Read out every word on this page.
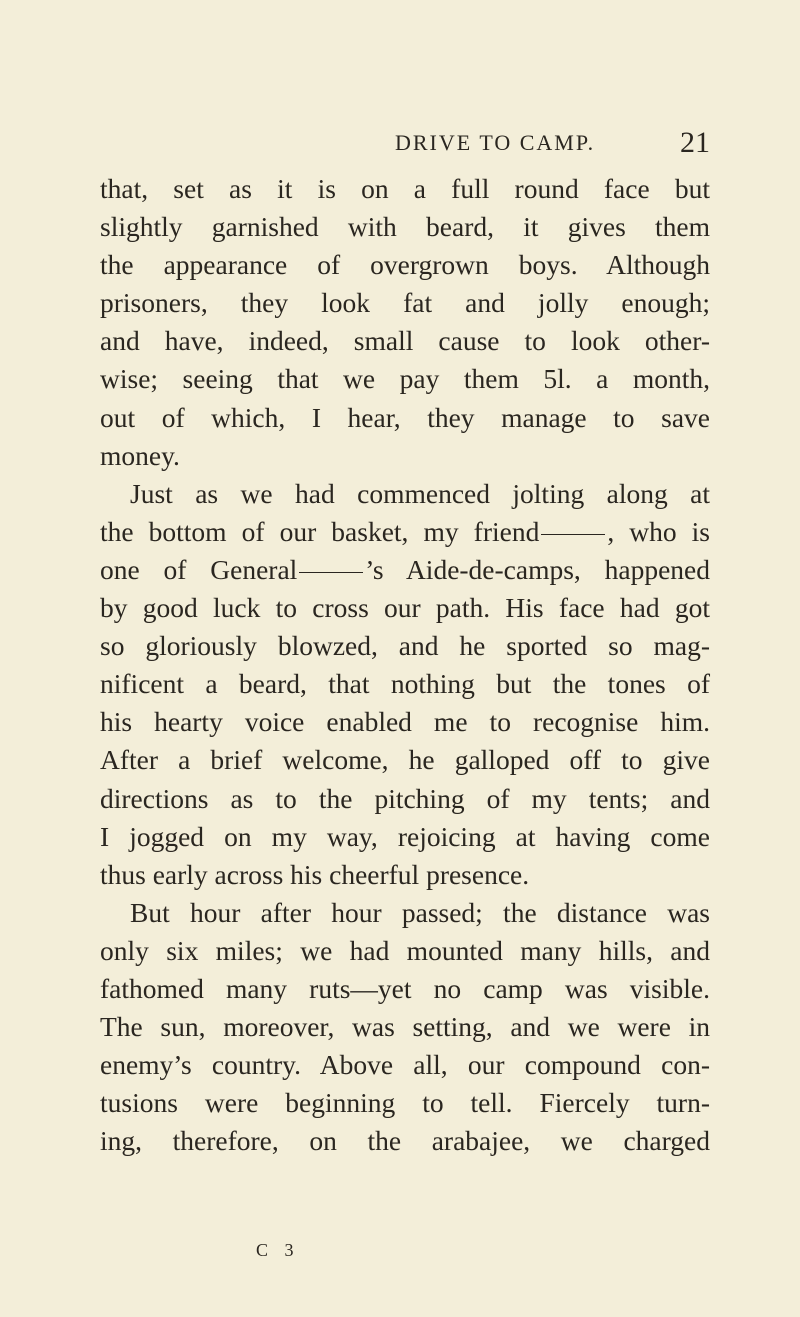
DRIVE TO CAMP.	21
that, set as it is on a full round face but
slightly garnished with beard, it gives them
the appearance of overgrown boys. Although
prisoners, they look fat and jolly enough;
and have, indeed, small cause to look other-
wise; seeing that we pay them 5l. a month,
out of which, I hear, they manage to save
money.
Just as we had commenced jolting along at
the bottom of our basket, my friend , who is
one of General ’s Aide-de-camps, happened
by good luck to cross our path. His face had got
so gloriously blowzed, and he sported so mag-
nificent a beard, that nothing but the tones of
his hearty voice enabled me to recognise him.
After a brief welcome, he galloped off to give
directions as to the pitching of my tents; and
I jogged on my way, rejoicing at having come
thus early across his cheerful presence.
But hour after hour passed; the distance was
only six miles; we had mounted many hills, and
fathomed many ruts—yet no camp was visible.
The sun, moreover, was setting, and we were in
enemy’s country. Above all, our compound con-
tusions were beginning to tell. Fiercely turn-
ing, therefore, on the arabajee, we charged
C 3
